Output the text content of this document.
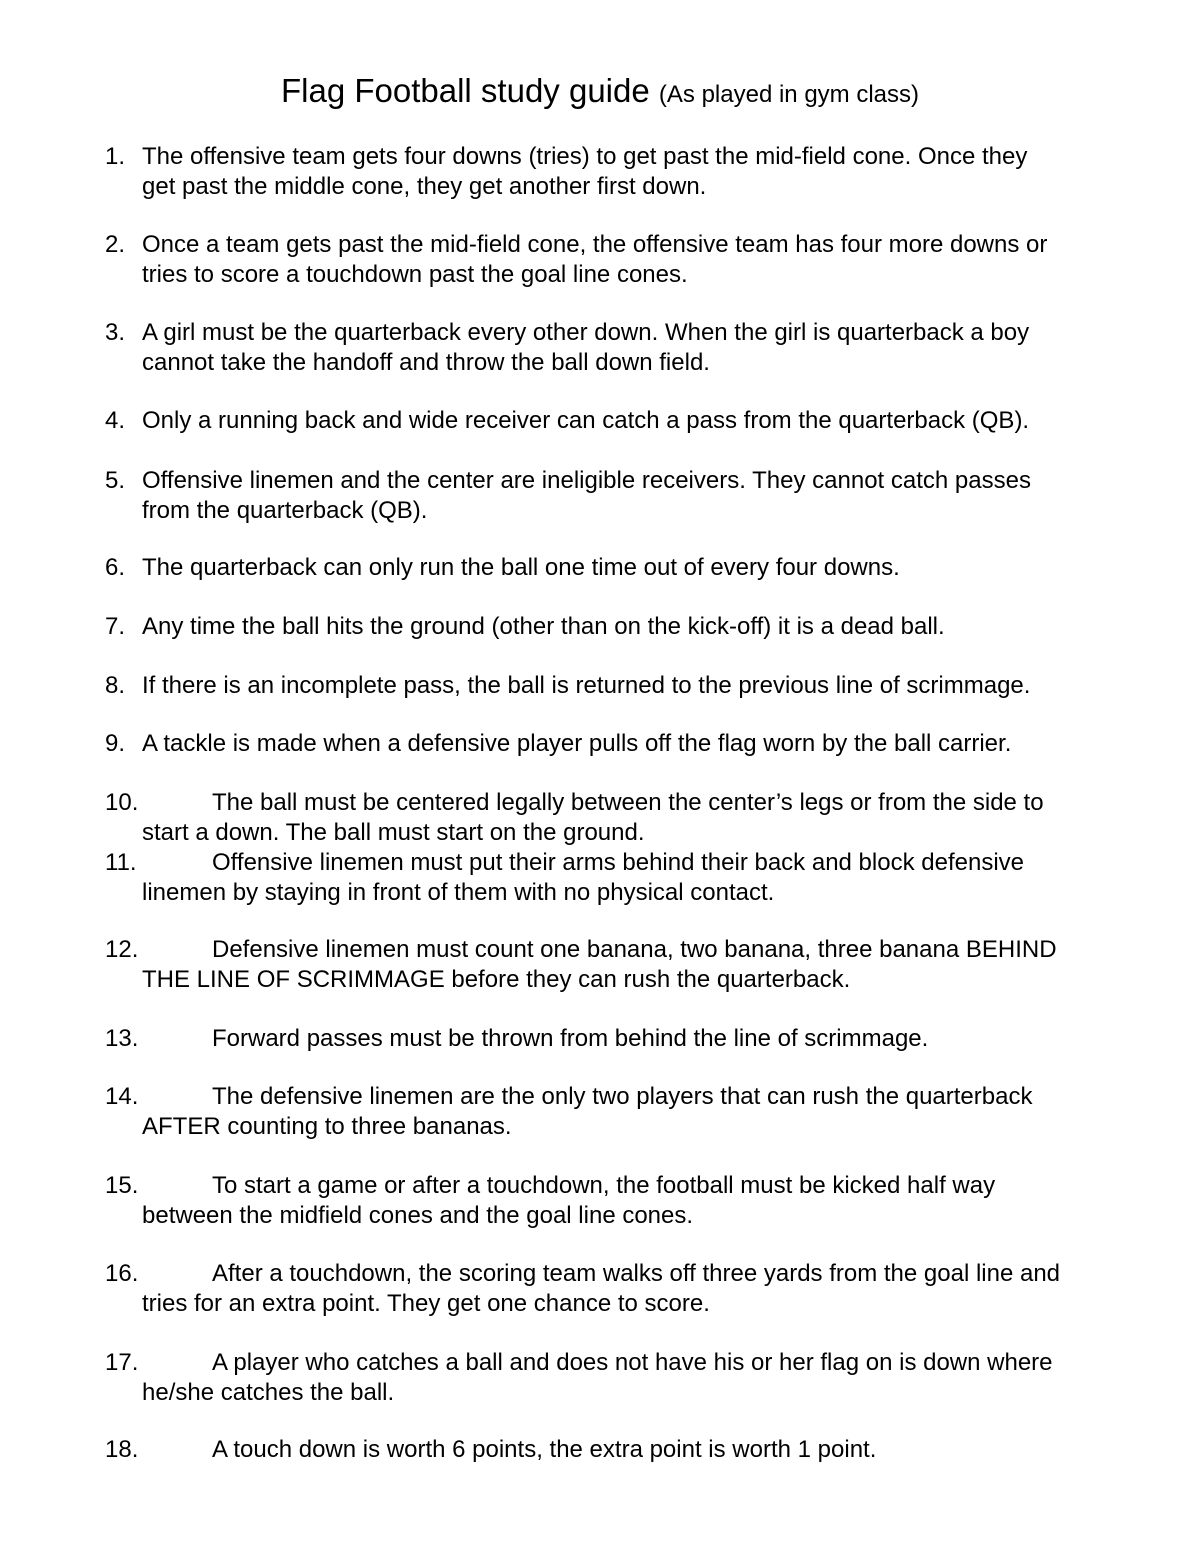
Flag Football study guide (As played in gym class)
1. The offensive team gets four downs (tries) to get past the mid-field cone. Once they
get past the middle cone, they get another first down.
2. Once a team gets past the mid-field cone, the offensive team has four more downs or
tries to score a touchdown past the goal line cones.
3. A girl must be the quarterback every other down. When the girl is quarterback a boy
cannot take the handoff and throw the ball down field.
4. Only a running back and wide receiver can catch a pass from the quarterback (QB).
5. Offensive linemen and the center are ineligible receivers. They cannot catch passes
from the quarterback (QB).
6. The quarterback can only run the ball one time out of every four downs.
7. Any time the ball hits the ground (other than on the kick-off) it is a dead ball.
8. If there is an incomplete pass, the ball is returned to the previous line of scrimmage.
9. A tackle is made when a defensive player pulls off the flag worn by the ball carrier.
10.	The ball must be centered legally between the center’s legs or from the side to
start a down. The ball must start on the ground.
11.	Offensive linemen must put their arms behind their back and block defensive
linemen by staying in front of them with no physical contact.
12.	Defensive linemen must count one banana, two banana, three banana BEHIND
THE LINE OF SCRIMMAGE before they can rush the quarterback.
13.	Forward passes must be thrown from behind the line of scrimmage.
14.	The defensive linemen are the only two players that can rush the quarterback
AFTER counting to three bananas.
15.	To start a game or after a touchdown, the football must be kicked half way
between the midfield cones and the goal line cones.
16.	After a touchdown, the scoring team walks off three yards from the goal line and
tries for an extra point. They get one chance to score.
17.	A player who catches a ball and does not have his or her flag on is down where
he/she catches the ball.
18.	A touch down is worth 6 points, the extra point is worth 1 point.
